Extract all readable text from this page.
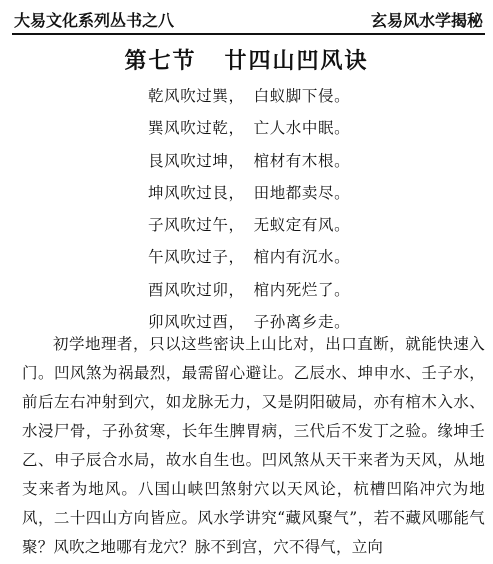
大易文化系列丛书之八	玄易风水学揭秘
第七节 廿四山凹风诀
乾风吹过巽， 白蚁脚下侵。
巽风吹过乾， 亡人水中眠。
艮风吹过坤， 棺材有木根。
坤风吹过艮， 田地都卖尽。
子风吹过午， 无蚁定有风。
午风吹过子， 棺内有沉水。
酉风吹过卯， 棺内死烂了。
卯风吹过酉， 子孙离乡走。

初学地理者，只以这些密诀上山比对，出口直断，就能快速入门。凹风煞为祸最烈，最需留心避让。乙辰水、坤申水、壬子水，前后左右冲射到穴，如龙脉无力，又是阴阳破局，亦有棺木入水、水浸尸骨，子孙贫寒，长年生脾胃病，三代后不发丁之验。缘坤壬乙、申子辰合水局，故水自生也。凹风煞从天干来者为天风，从地支来者为地风。八国山峡凹煞射穴以天风论，杭槽凹陷冲穴为地风，二十四山方向皆应。风水学讲究“藏风聚气”，若不藏风哪能气聚？风吹之地哪有龙穴？脉不到宫，穴不得气，立向
